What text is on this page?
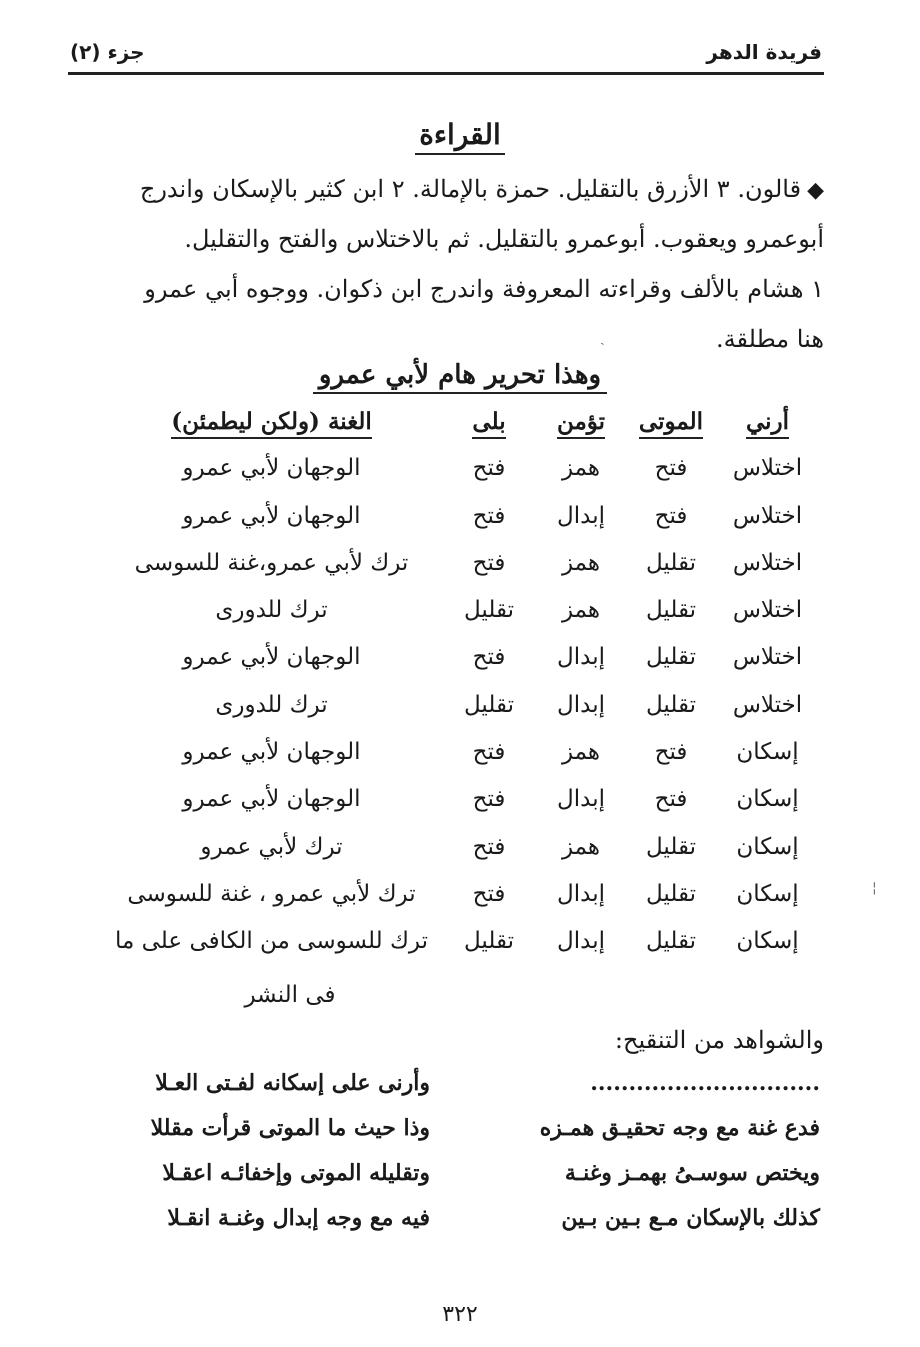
فريدة الدهر
جزء (٢)
القراءة

◆قالون. ٣ الأزرق بالتقليل. حمزة بالإمالة. ٢ ابن كثير بالإسكان واندرج

أبوعمرو ويعقوب. أبوعمرو بالتقليل. ثم بالاختلاس والفتح والتقليل.

١ هشام بالألف وقراءته المعروفة واندرج ابن ذكوان. ووجوه أبي عمرو

هنا مطلقة.

وهذا تحرير هام لأبي عمرو
أرني
الموتى
تؤمن
بلى
الغنة (ولكن ليطمئن)
اختلاس
فتح
همز
فتح
الوجهان لأبي عمرو
اختلاس
فتح
إبدال
فتح
الوجهان لأبي عمرو
اختلاس
تقليل
همز
فتح
ترك لأبي عمرو،غنة للسوسى
اختلاس
تقليل
همز
تقليل
ترك للدورى
اختلاس
تقليل
إبدال
فتح
الوجهان لأبي عمرو
اختلاس
تقليل
إبدال
تقليل
ترك للدورى
إسكان
فتح
همز
فتح
الوجهان لأبي عمرو
إسكان
فتح
إبدال
فتح
الوجهان لأبي عمرو
إسكان
تقليل
همز
فتح
ترك لأبي عمرو
إسكان
تقليل
إبدال
فتح
ترك لأبي عمرو ، غنة للسوسى
إسكان
تقليل
إبدال
تقليل
ترك للسوسى من الكافى على ما
فى النشر
والشواهد من التنقيح:
..............................
وأرنى على إسكانه لفـتى العـلا
فدع غنة مع وجه تحقيـق همـزه
وذا حيث ما الموتى قرأت مقللا
ويختص سوسـىُ بهمـز وغنـة
وتقليله الموتى وإخفائـه اعقـلا
كذلك بالإسكان مـع بـين بـين
فيه مع وجه إبدال وغنـة انقـلا
٣٢٢
ˏ
¦
